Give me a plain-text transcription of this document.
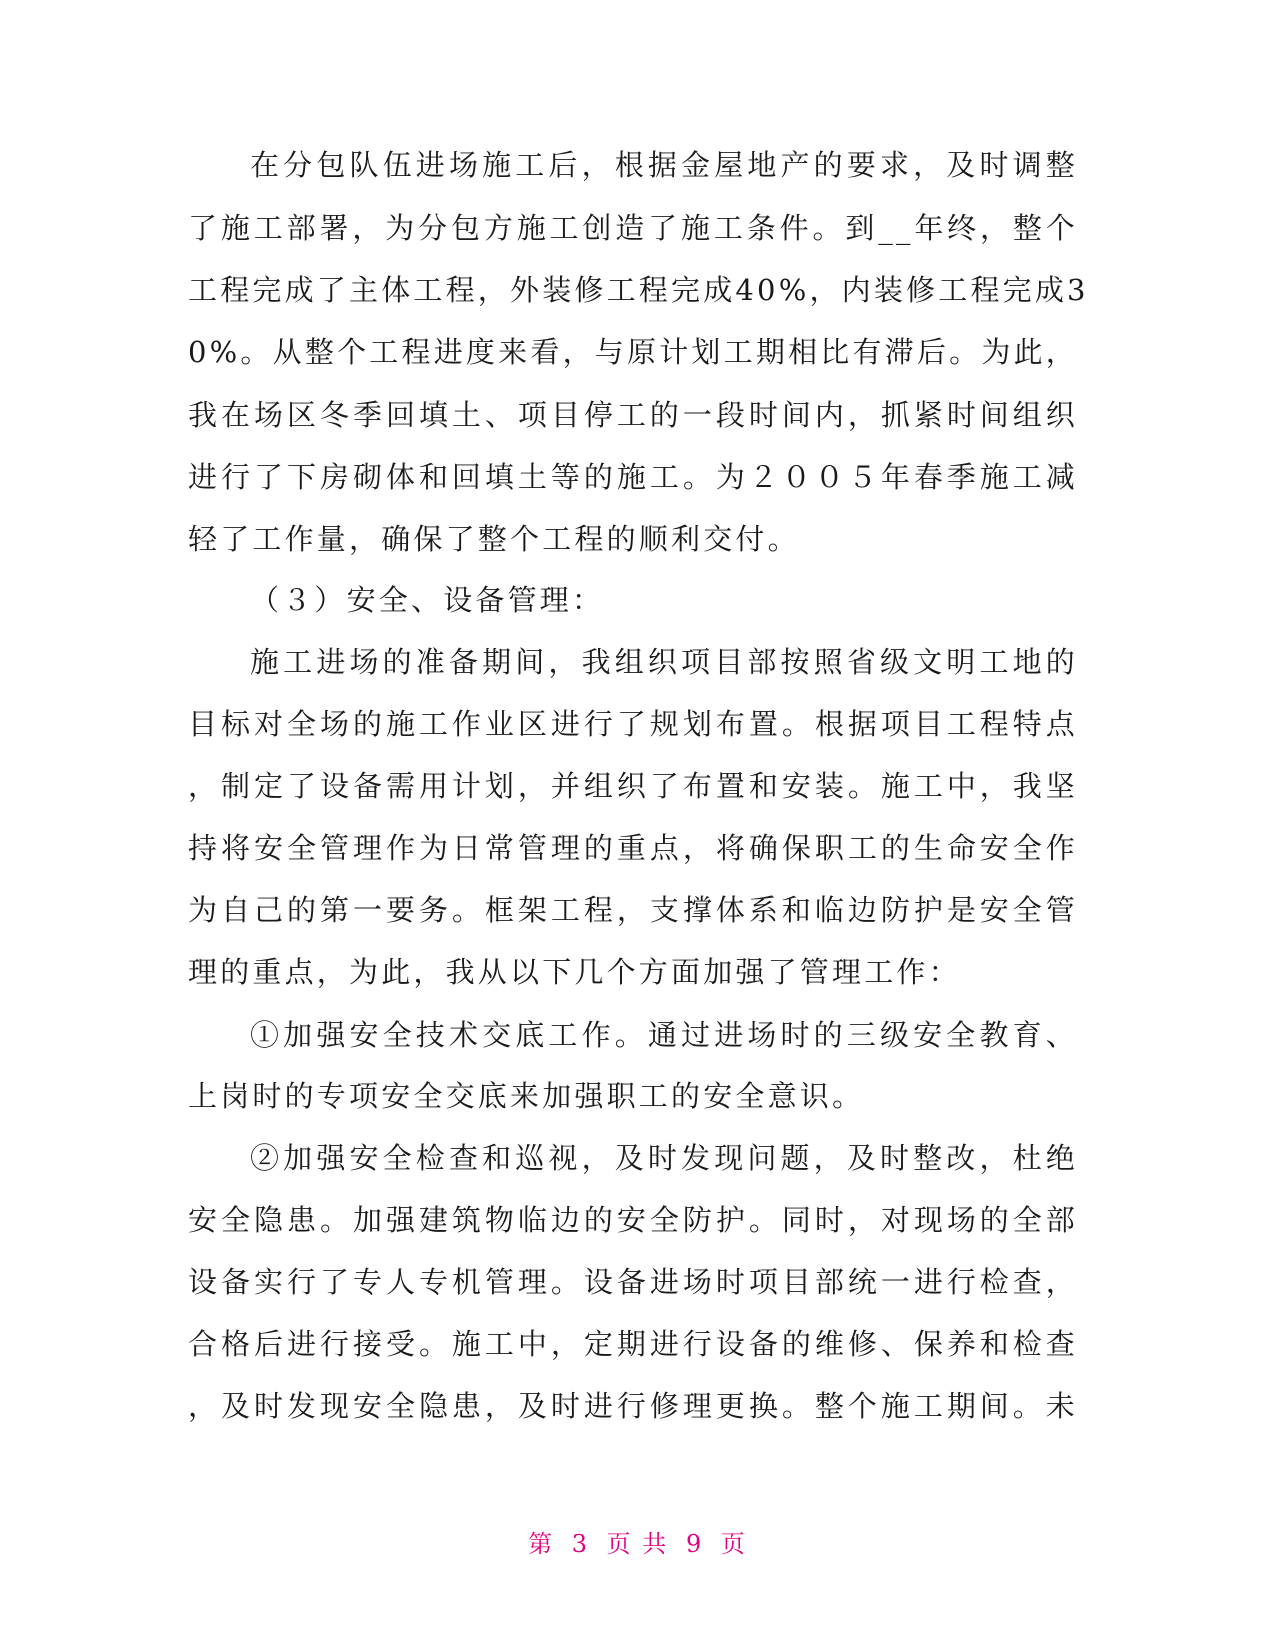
在分包队伍进场施工后，根据金屋地产的要求，及时调整
了施工部署，为分包方施工创造了施工条件。到__年终，整个
工程完成了主体工程，外装修工程完成40%，内装修工程完成3
0%。从整个工程进度来看，与原计划工期相比有滞后。为此，
我在场区冬季回填土、项目停工的一段时间内，抓紧时间组织
进行了下房砌体和回填土等的施工。为２００５年春季施工减
轻了工作量，确保了整个工程的顺利交付。
（３）安全、设备管理：
施工进场的准备期间，我组织项目部按照省级文明工地的
目标对全场的施工作业区进行了规划布置。根据项目工程特点
，制定了设备需用计划，并组织了布置和安装。施工中，我坚
持将安全管理作为日常管理的重点，将确保职工的生命安全作
为自己的第一要务。框架工程，支撑体系和临边防护是安全管
理的重点，为此，我从以下几个方面加强了管理工作：
①加强安全技术交底工作。通过进场时的三级安全教育、
上岗时的专项安全交底来加强职工的安全意识。
②加强安全检查和巡视，及时发现问题，及时整改，杜绝
安全隐患。加强建筑物临边的安全防护。同时，对现场的全部
设备实行了专人专机管理。设备进场时项目部统一进行检查，
合格后进行接受。施工中，定期进行设备的维修、保养和检查
，及时发现安全隐患，及时进行修理更换。整个施工期间。未
第 3 页 共 9 页
